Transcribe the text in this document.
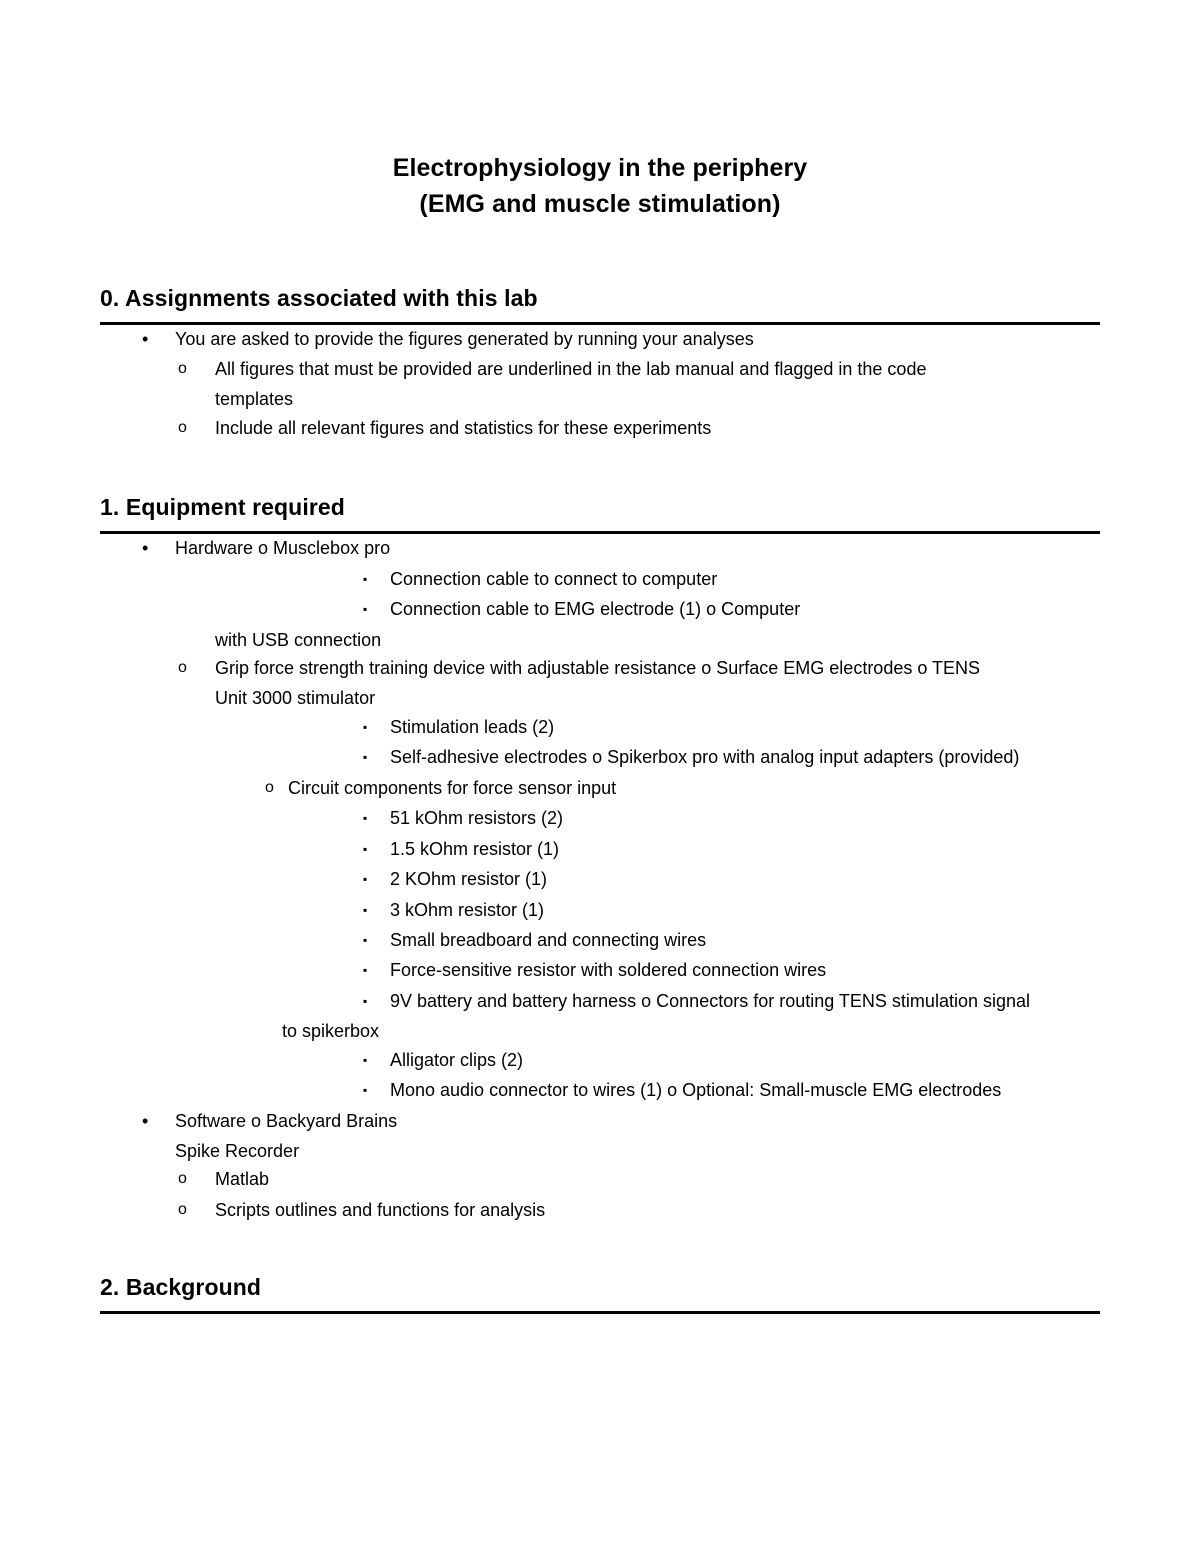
Electrophysiology in the periphery
(EMG and muscle stimulation)
0. Assignments associated with this lab
• You are asked to provide the figures generated by running your analyses
o All figures that must be provided are underlined in the lab manual and flagged in the code
templates
o Include all relevant figures and statistics for these experiments
1. Equipment required
• Hardware o Musclebox pro
▪ Connection cable to connect to computer
▪ Connection cable to EMG electrode (1) o Computer
with USB connection
o Grip force strength training device with adjustable resistance o Surface EMG electrodes o TENS
Unit 3000 stimulator
▪ Stimulation leads (2)
▪ Self-adhesive electrodes o Spikerbox pro with analog input adapters (provided)
o Circuit components for force sensor input
▪ 51 kOhm resistors (2)
▪ 1.5 kOhm resistor (1)
▪ 2 KOhm resistor (1)
▪ 3 kOhm resistor (1)
▪ Small breadboard and connecting wires
▪ Force-sensitive resistor with soldered connection wires
▪ 9V battery and battery harness o Connectors for routing TENS stimulation signal
to spikerbox
▪ Alligator clips (2)
▪ Mono audio connector to wires (1) o Optional: Small-muscle EMG electrodes
• Software o Backyard Brains
Spike Recorder
o Matlab
o Scripts outlines and functions for analysis
2. Background
